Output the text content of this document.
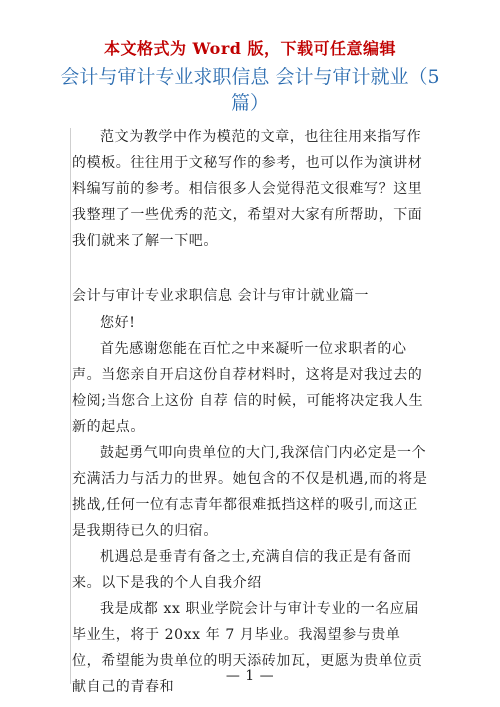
本文格式为 Word 版，下载可任意编辑
会计与审计专业求职信息 会计与审计就业（5 篇）

范文为教学中作为模范的文章，也往往用来指写作的模板。往往用于文秘写作的参考，也可以作为演讲材料编写前的参考。相信很多人会觉得范文很难写？这里我整理了一些优秀的范文，希望对大家有所帮助，下面我们就来了解一下吧。

会计与审计专业求职信息 会计与审计就业篇一

您好!

首先感谢您能在百忙之中来凝听一位求职者的心声。当您亲自开启这份自荐材料时，这将是对我过去的检阅;当您合上这份 自荐 信的时候，可能将决定我人生新的起点。

鼓起勇气叩向贵单位的大门,我深信门内必定是一个充满活力与活力的世界。她包含的不仅是机遇,而的将是挑战,任何一位有志青年都很难抵挡这样的吸引,而这正是我期待已久的归宿。

机遇总是垂青有备之士,充满自信的我正是有备而来。以下是我的个人自我介绍

我是成都 xx 职业学院会计与审计专业的一名应届毕业生，将于 20xx 年 7 月毕业。我渴望参与贵单位，希望能为贵单位的明天添砖加瓦，更愿为贵单位贡献自己的青春和

— 1 —
